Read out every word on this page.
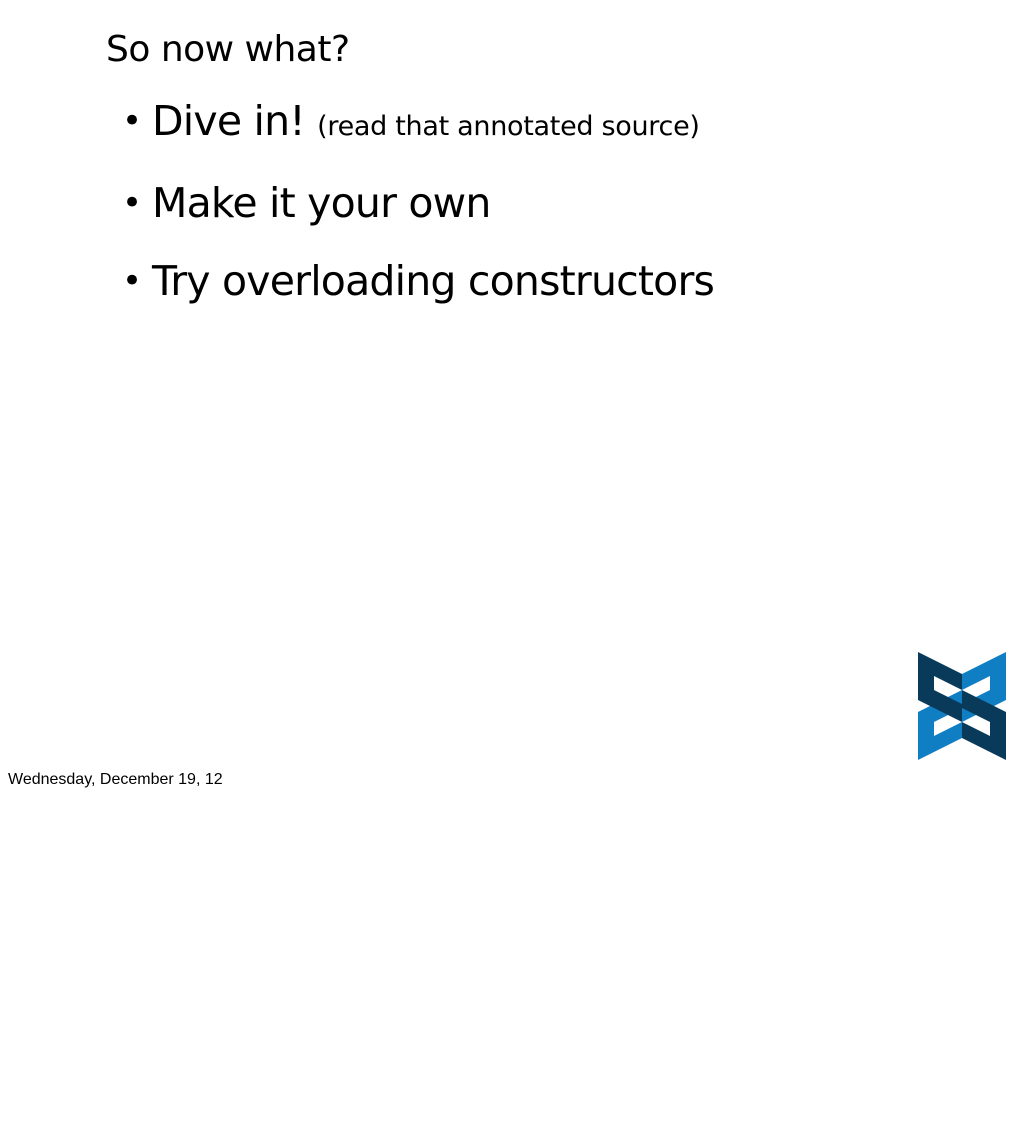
So now what?
• Dive in! (read that annotated source)
• Make it your own
• Try overloading constructors
Wednesday, December 19, 12
